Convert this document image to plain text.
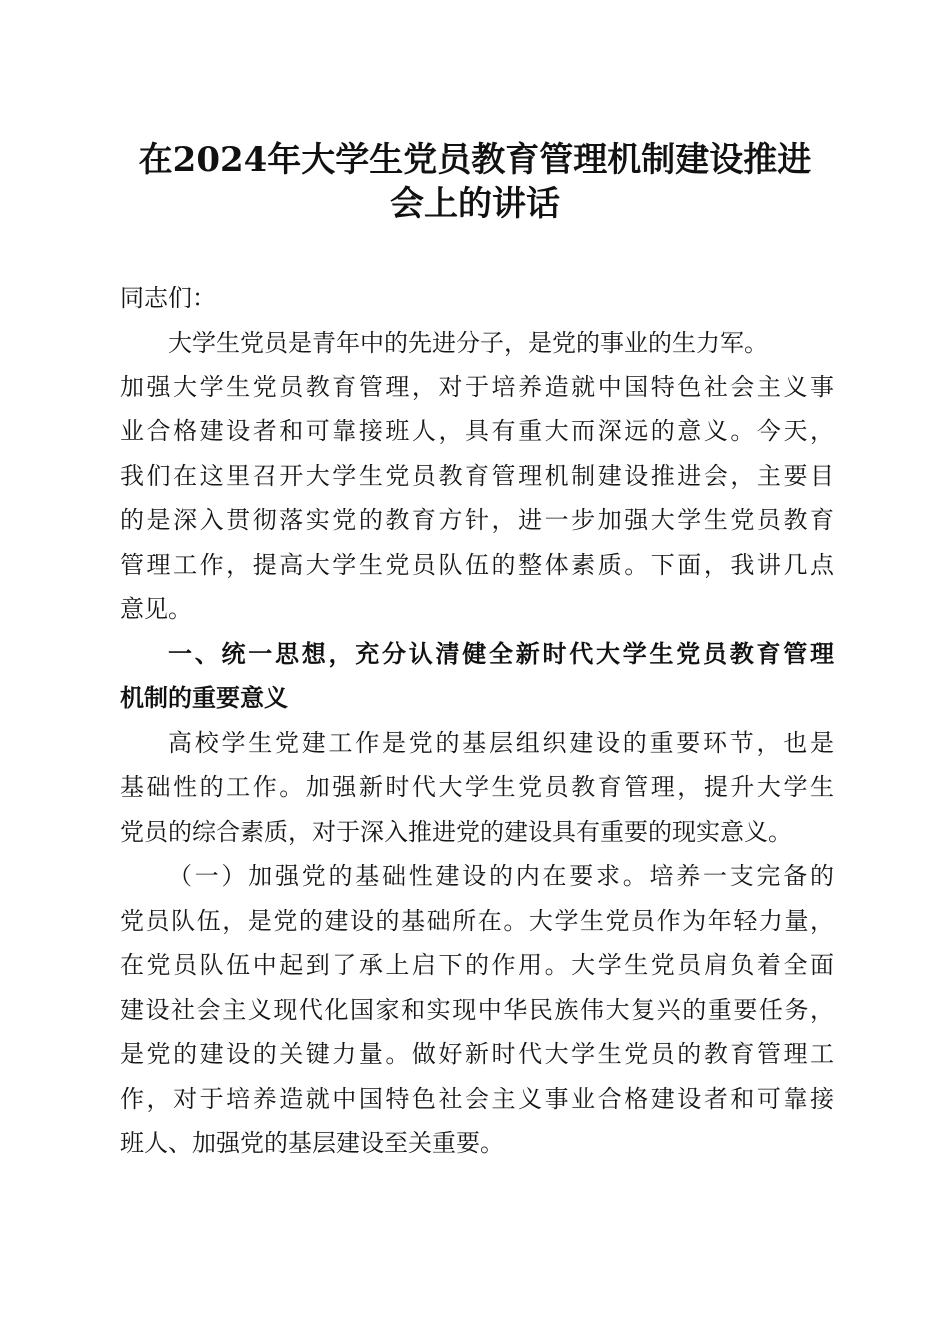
在2024年大学生党员教育管理机制建设推进
会上的讲话
同志们：
大学生党员是青年中的先进分子，是党的事业的生力军。
加强大学生党员教育管理，对于培养造就中国特色社会主义事
业合格建设者和可靠接班人，具有重大而深远的意义。今天，
我们在这里召开大学生党员教育管理机制建设推进会，主要目
的是深入贯彻落实党的教育方针，进一步加强大学生党员教育
管理工作，提高大学生党员队伍的整体素质。下面，我讲几点
意见。
一、统一思想，充分认清健全新时代大学生党员教育管理
机制的重要意义
高校学生党建工作是党的基层组织建设的重要环节，也是
基础性的工作。加强新时代大学生党员教育管理，提升大学生
党员的综合素质，对于深入推进党的建设具有重要的现实意义。
（一）加强党的基础性建设的内在要求。培养一支完备的
党员队伍，是党的建设的基础所在。大学生党员作为年轻力量，
在党员队伍中起到了承上启下的作用。大学生党员肩负着全面
建设社会主义现代化国家和实现中华民族伟大复兴的重要任务，
是党的建设的关键力量。做好新时代大学生党员的教育管理工
作，对于培养造就中国特色社会主义事业合格建设者和可靠接
班人、加强党的基层建设至关重要。
